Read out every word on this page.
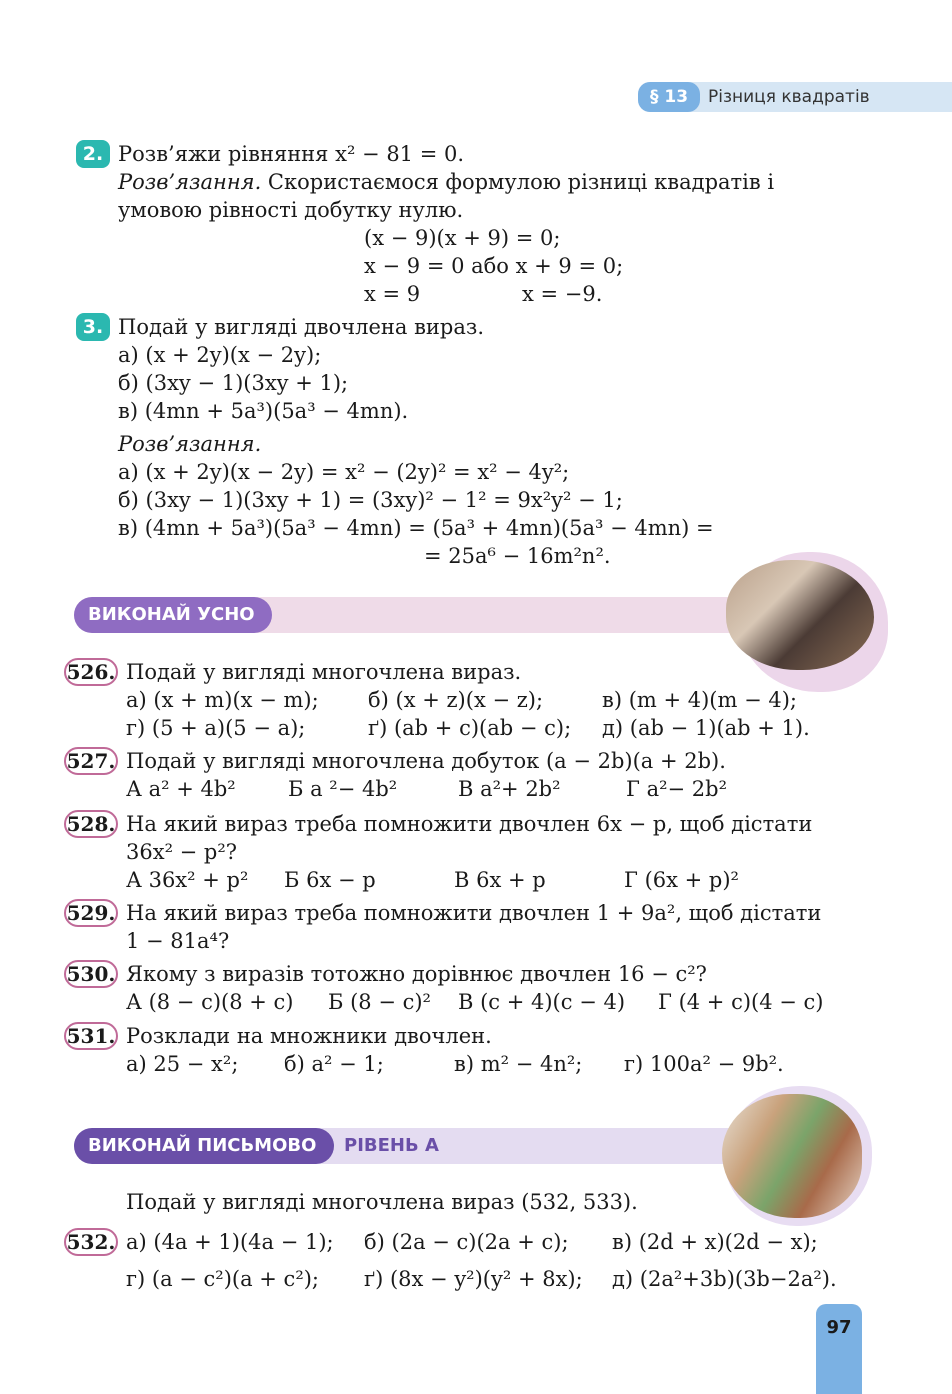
§ 13	Різниця квадратів
2. Розв’яжи рівняння x² − 81 = 0.
Розв’язання. Скористаємося формулою різниці квадратів і
умовою рівності добутку нулю.
(x − 9)(x + 9) = 0;
x − 9 = 0 або x + 9 = 0;
x = 9	x = −9.
3. Подай у вигляді двочлена вираз.
а) (x + 2y)(x − 2y);
б) (3xy − 1)(3xy + 1);
в) (4mn + 5a³)(5a³ − 4mn).
Розв’язання.
а) (x + 2y)(x − 2y) = x² − (2y)² = x² − 4y²;
б) (3xy − 1)(3xy + 1) = (3xy)² − 1² = 9x²y² − 1;
в) (4mn + 5a³)(5a³ − 4mn) = (5a³ + 4mn)(5a³ − 4mn) =
= 25a⁶ − 16m²n².
ВИКОНАЙ УСНО
526. Подай у вигляді многочлена вираз.
а) (x + m)(x − m); б) (x + z)(x − z);	в) (m + 4)(m − 4);
г) (5 + a)(5 − a);	ґ) (ab + c)(ab − c); д) (ab − 1)(ab + 1).
527. Подай у вигляді многочлена добуток (a − 2b)(a + 2b).
А a² + 4b² Б a ²− 4b²	В a²+ 2b²	Г a²− 2b²
528. На який вираз треба помножити двочлен 6x − p, щоб дістати
36x² − p²?
А 36x² + p² Б 6x − p	В 6x + p	Г (6x + p)²
529. На який вираз треба помножити двочлен 1 + 9a², щоб дістати
1 − 81a⁴?
530. Якому з виразів тотожно дорівнює двочлен 16 − c²?
А (8 − c)(8 + c) Б (8 − c)² В (c + 4)(c − 4) Г (4 + c)(4 − c)
531. Розклади на множники двочлен.
а) 25 − x²; б) a² − 1;	в) m² − 4n²; г) 100a² − 9b².
ВИКОНАЙ ПИСЬМОВО	РІВЕНЬ А
Подай у вигляді многочлена вираз (532, 533).
532. а) (4a + 1)(4a − 1); б) (2a − c)(2a + c); в) (2d + x)(2d − x);
г) (a − c²)(a + c²); ґ) (8x − y²)(y² + 8x); д) (2a²+3b)(3b−2a²).
97
